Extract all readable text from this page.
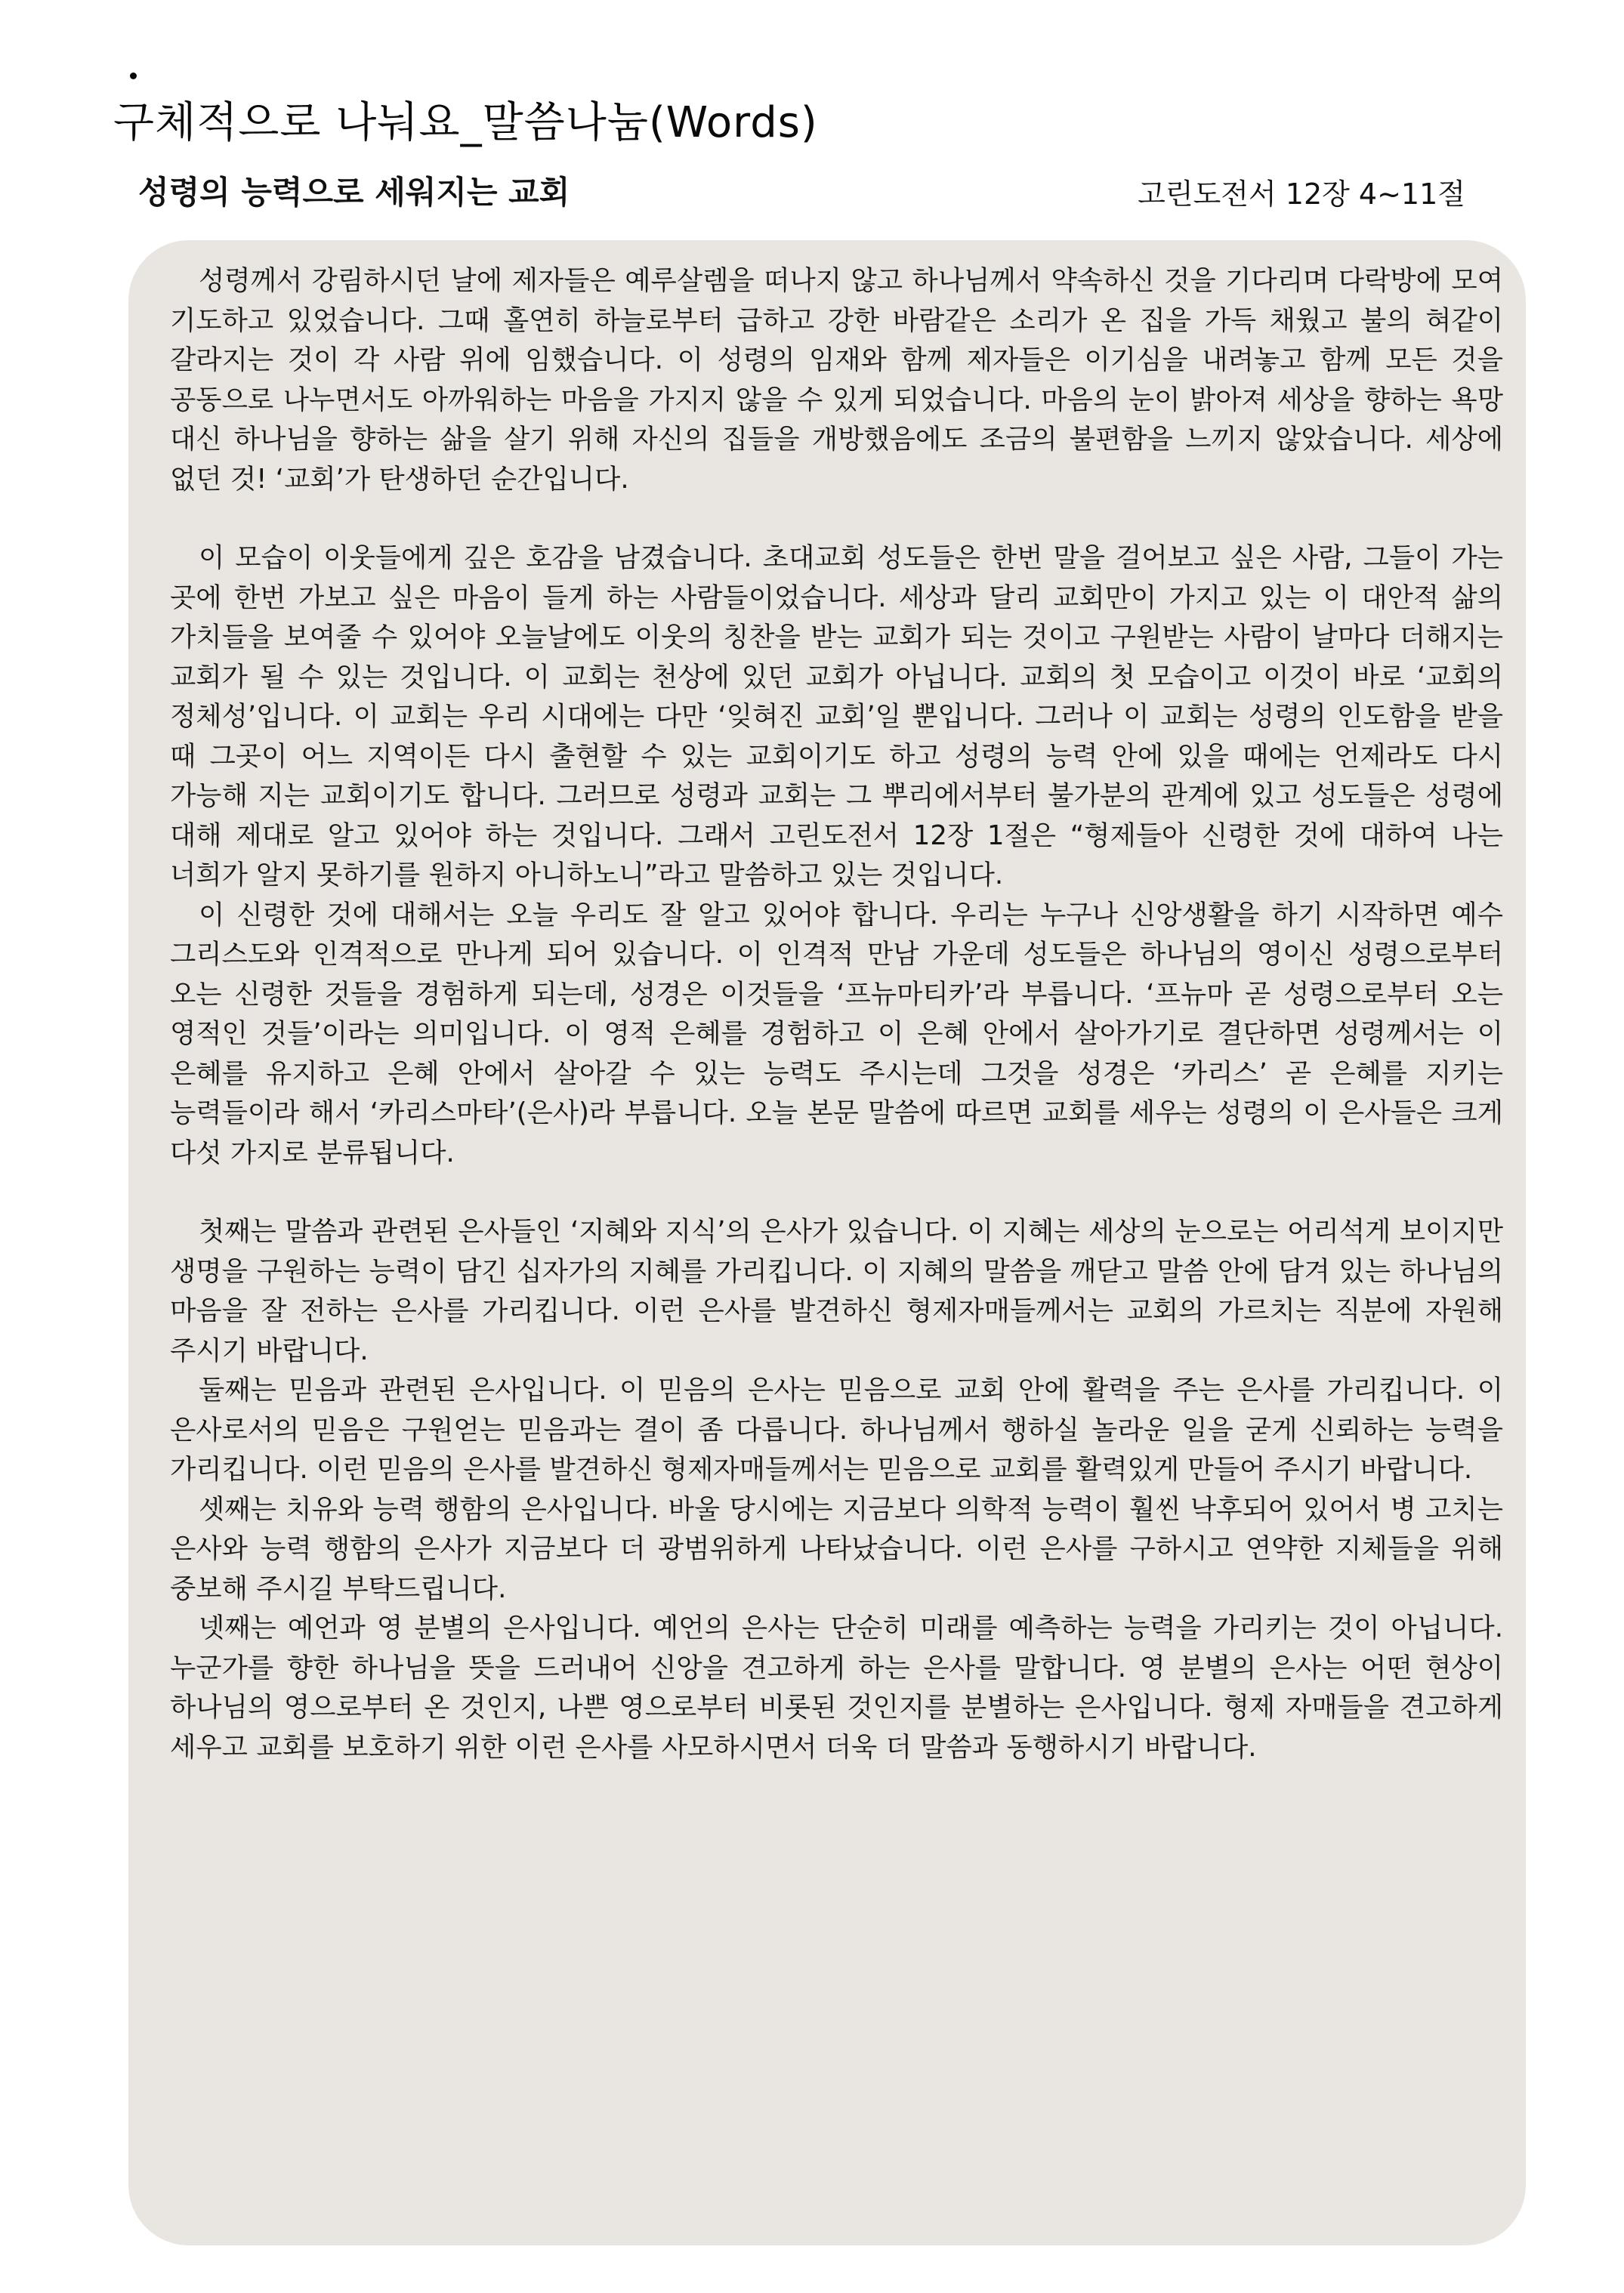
구체적으로 나눠요_말씀나눔(Words)
성령의 능력으로 세워지는 교회	고린도전서 12장 4~11절

성령께서 강림하시던 날에 제자들은 예루살렘을 떠나지 않고 하나님께서 약속하신 것을 기다리며 다락방에 모여 기도하고 있었습니다. 그때 홀연히 하늘로부터 급하고 강한 바람같은 소리가 온 집을 가득 채웠고 불의 혀같이 갈라지는 것이 각 사람 위에 임했습니다. 이 성령의 임재와 함께 제자들은 이기심을 내려놓고 함께 모든 것을 공동으로 나누면서도 아까워하는 마음을 가지지 않을 수 있게 되었습니다. 마음의 눈이 밝아져 세상을 향하는 욕망 대신 하나님을 향하는 삶을 살기 위해 자신의 집들을 개방했음에도 조금의 불편함을 느끼지 않았습니다. 세상에 없던 것! ‘교회’가 탄생하던 순간입니다.

이 모습이 이웃들에게 깊은 호감을 남겼습니다. 초대교회 성도들은 한번 말을 걸어보고 싶은 사람, 그들이 가는 곳에 한번 가보고 싶은 마음이 들게 하는 사람들이었습니다. 세상과 달리 교회만이 가지고 있는 이 대안적 삶의 가치들을 보여줄 수 있어야 오늘날에도 이웃의 칭찬을 받는 교회가 되는 것이고 구원받는 사람이 날마다 더해지는 교회가 될 수 있는 것입니다. 이 교회는 천상에 있던 교회가 아닙니다. 교회의 첫 모습이고 이것이 바로 ‘교회의 정체성’입니다. 이 교회는 우리 시대에는 다만 ‘잊혀진 교회’일 뿐입니다. 그러나 이 교회는 성령의 인도함을 받을 때 그곳이 어느 지역이든 다시 출현할 수 있는 교회이기도 하고 성령의 능력 안에 있을 때에는 언제라도 다시 가능해 지는 교회이기도 합니다. 그러므로 성령과 교회는 그 뿌리에서부터 불가분의 관계에 있고 성도들은 성령에 대해 제대로 알고 있어야 하는 것입니다. 그래서 고린도전서 12장 1절은 “형제들아 신령한 것에 대하여 나는 너희가 알지 못하기를 원하지 아니하노니”라고 말씀하고 있는 것입니다.

이 신령한 것에 대해서는 오늘 우리도 잘 알고 있어야 합니다. 우리는 누구나 신앙생활을 하기 시작하면 예수 그리스도와 인격적으로 만나게 되어 있습니다. 이 인격적 만남 가운데 성도들은 하나님의 영이신 성령으로부터 오는 신령한 것들을 경험하게 되는데, 성경은 이것들을 ‘프뉴마티카’라 부릅니다. ‘프뉴마 곧 성령으로부터 오는 영적인 것들’이라는 의미입니다. 이 영적 은혜를 경험하고 이 은혜 안에서 살아가기로 결단하면 성령께서는 이 은혜를 유지하고 은혜 안에서 살아갈 수 있는 능력도 주시는데 그것을 성경은 ‘카리스’ 곧 은혜를 지키는 능력들이라 해서 ‘카리스마타’(은사)라 부릅니다. 오늘 본문 말씀에 따르면 교회를 세우는 성령의 이 은사들은 크게 다섯 가지로 분류됩니다.

첫째는 말씀과 관련된 은사들인 ‘지혜와 지식’의 은사가 있습니다. 이 지혜는 세상의 눈으로는 어리석게 보이지만 생명을 구원하는 능력이 담긴 십자가의 지혜를 가리킵니다. 이 지혜의 말씀을 깨닫고 말씀 안에 담겨 있는 하나님의 마음을 잘 전하는 은사를 가리킵니다. 이런 은사를 발견하신 형제자매들께서는 교회의 가르치는 직분에 자원해 주시기 바랍니다.

둘째는 믿음과 관련된 은사입니다. 이 믿음의 은사는 믿음으로 교회 안에 활력을 주는 은사를 가리킵니다. 이 은사로서의 믿음은 구원얻는 믿음과는 결이 좀 다릅니다. 하나님께서 행하실 놀라운 일을 굳게 신뢰하는 능력을 가리킵니다. 이런 믿음의 은사를 발견하신 형제자매들께서는 믿음으로 교회를 활력있게 만들어 주시기 바랍니다.

셋째는 치유와 능력 행함의 은사입니다. 바울 당시에는 지금보다 의학적 능력이 훨씬 낙후되어 있어서 병 고치는 은사와 능력 행함의 은사가 지금보다 더 광범위하게 나타났습니다. 이런 은사를 구하시고 연약한 지체들을 위해 중보해 주시길 부탁드립니다.

넷째는 예언과 영 분별의 은사입니다. 예언의 은사는 단순히 미래를 예측하는 능력을 가리키는 것이 아닙니다. 누군가를 향한 하나님을 뜻을 드러내어 신앙을 견고하게 하는 은사를 말합니다. 영 분별의 은사는 어떤 현상이 하나님의 영으로부터 온 것인지, 나쁜 영으로부터 비롯된 것인지를 분별하는 은사입니다. 형제 자매들을 견고하게 세우고 교회를 보호하기 위한 이런 은사를 사모하시면서 더욱 더 말씀과 동행하시기 바랍니다.
